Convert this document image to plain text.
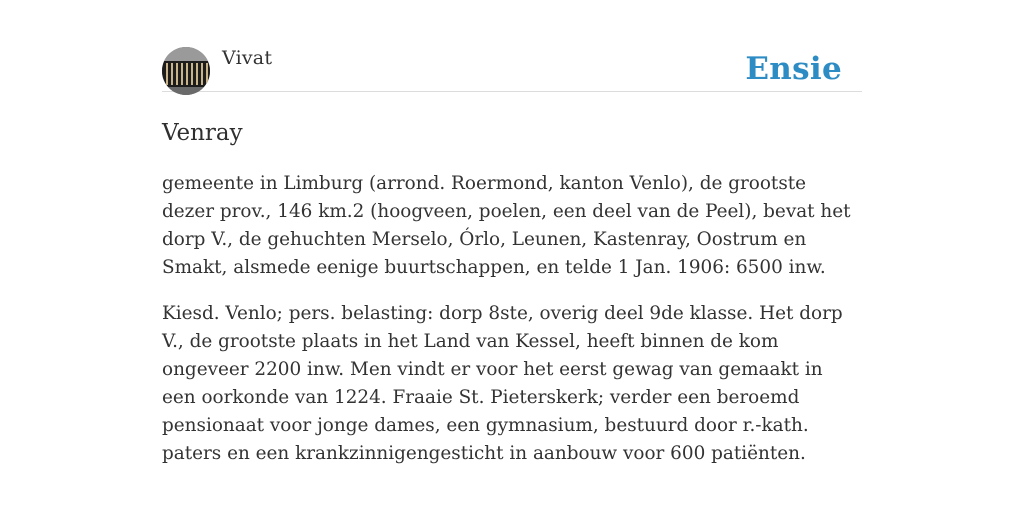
Vivat	Ensie
Venray

gemeente in Limburg (arrond. Roermond, kanton Venlo), de grootste dezer prov., 146 km.2 (hoogveen, poelen, een deel van de Peel), bevat het dorp V., de gehuchten Merselo, Órlo, Leunen, Kastenray, Oostrum en Smakt, alsmede eenige buurtschappen, en telde 1 Jan. 1906: 6500 inw.

Kiesd. Venlo; pers. belasting: dorp 8ste, overig deel 9de klasse. Het dorp V., de grootste plaats in het Land van Kessel, heeft binnen de kom ongeveer 2200 inw. Men vindt er voor het eerst gewag van gemaakt in een oorkonde van 1224. Fraaie St. Pieterskerk; verder een beroemd pensionaat voor jonge dames, een gymnasium, bestuurd door r.-kath. paters en een krankzinnigengesticht in aanbouw voor 600 patiënten.
